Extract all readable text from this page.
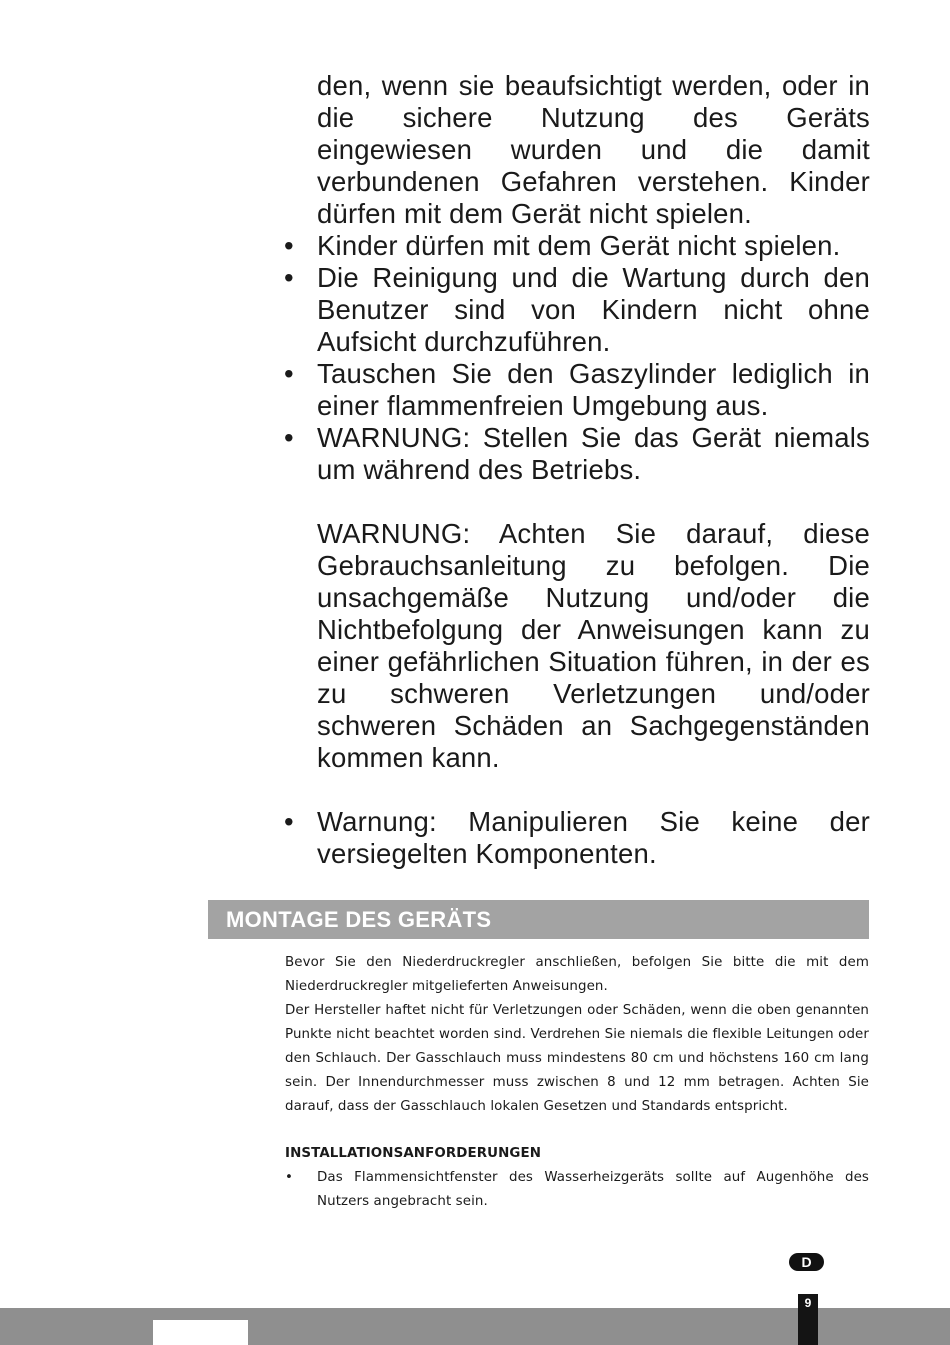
den, wenn sie beaufsichtigt werden, oder in die sichere Nutzung des Geräts eingewiesen wurden und die damit verbundenen Gefahren verstehen. Kinder dürfen mit dem Gerät nicht spielen.

• Kinder dürfen mit dem Gerät nicht spielen.
• Die Reinigung und die Wartung durch den Benutzer sind von Kindern nicht ohne Aufsicht durchzuführen.
• Tauschen Sie den Gaszylinder lediglich in einer flammenfreien Umgebung aus.
• WARNUNG: Stellen Sie das Gerät niemals um während des Betriebs.

WARNUNG: Achten Sie darauf, diese Gebrauchsanleitung zu befolgen. Die unsachgemäße Nutzung und/oder die Nichtbefolgung der Anweisungen kann zu einer gefährlichen Situation führen, in der es zu schweren Verletzungen und/oder schweren Schäden an Sachgegenständen kommen kann.

• Warnung: Manipulieren Sie keine der versiegelten Komponenten.
MONTAGE DES GERÄTS

Bevor Sie den Niederdruckregler anschließen, befolgen Sie bitte die mit dem Niederdruckregler mitgelieferten Anweisungen.

Der Hersteller haftet nicht für Verletzungen oder Schäden, wenn die oben genannten Punkte nicht beachtet worden sind. Verdrehen Sie niemals die flexible Leitungen oder den Schlauch. Der Gasschlauch muss mindestens 80 cm und höchstens 160 cm lang sein. Der Innendurchmesser muss zwischen 8 und 12 mm betragen. Achten Sie darauf, dass der Gasschlauch lokalen Gesetzen und Standards entspricht.

INSTALLATIONSANFORDERUNGEN
• Das Flammensichtfenster des Wasserheizgeräts sollte auf Augenhöhe des Nutzers angebracht sein.
D
9
